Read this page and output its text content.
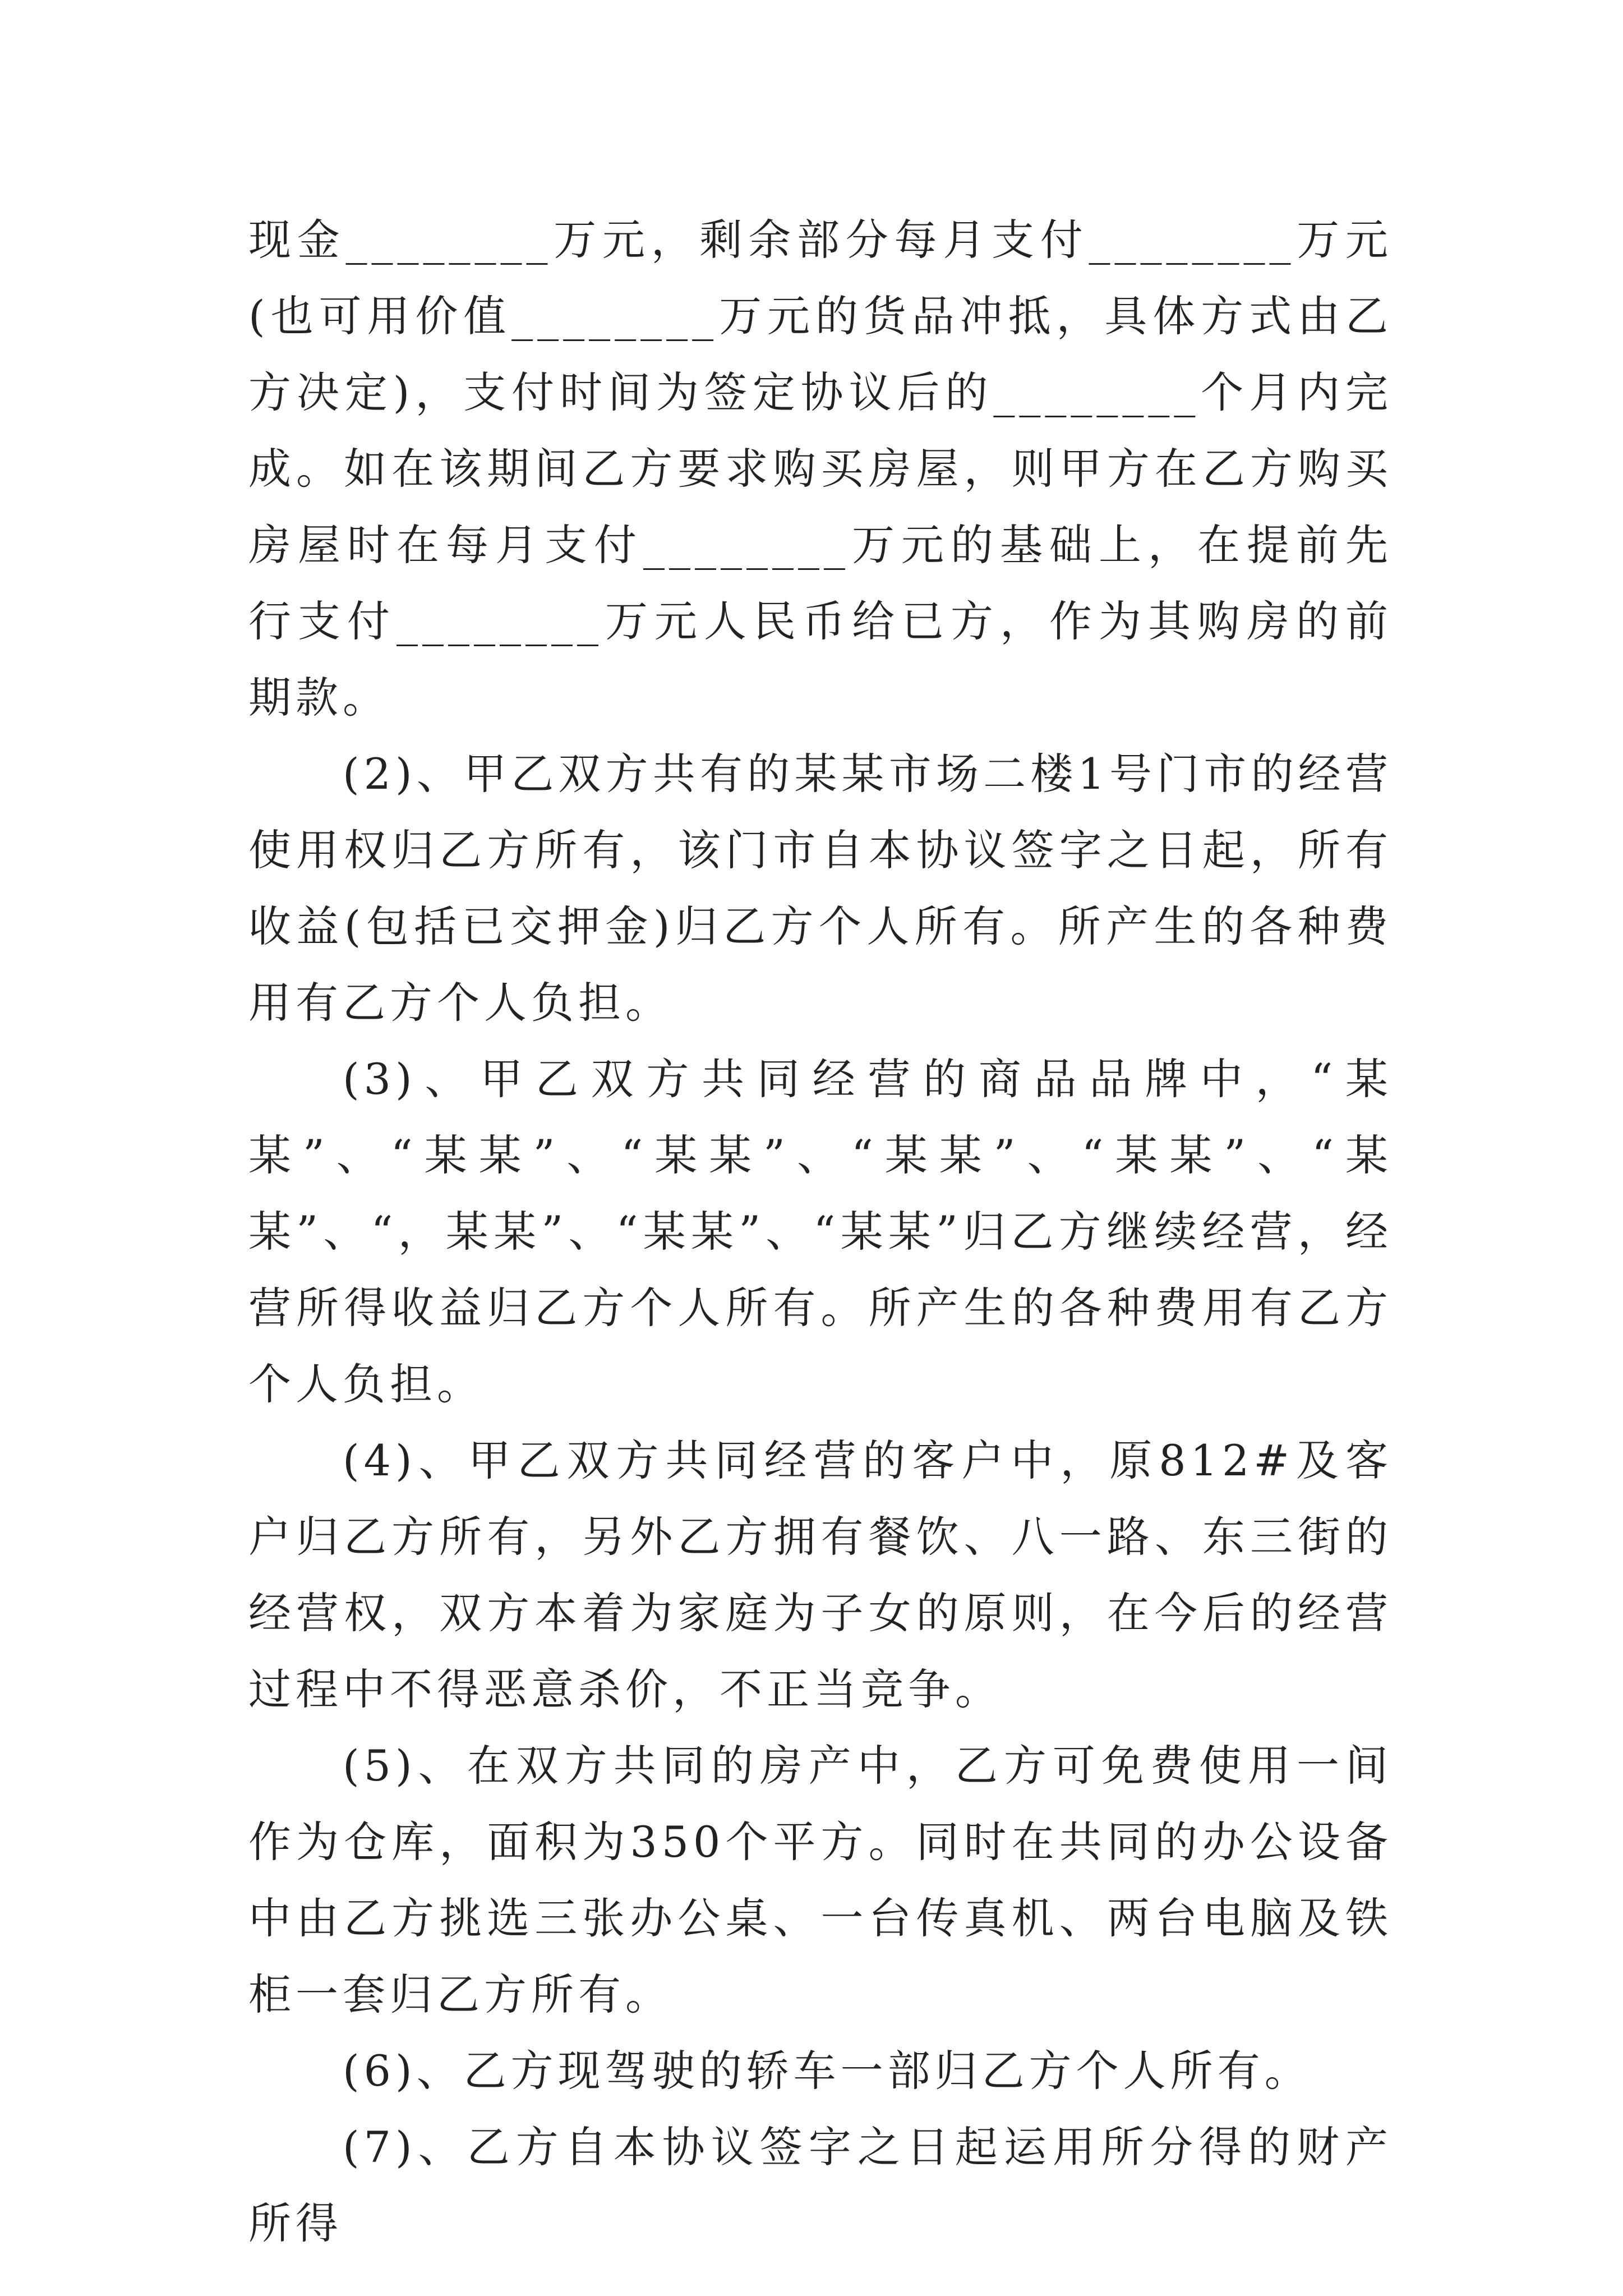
现金________万元，剩余部分每月支付________万元(也可用价值________万元的货品冲抵，具体方式由乙方决定)，支付时间为签定协议后的________个月内完成。如在该期间乙方要求购买房屋，则甲方在乙方购买房屋时在每月支付________万元的基础上，在提前先行支付________万元人民币给已方，作为其购房的前期款。

(2)、甲乙双方共有的某某市场二楼1号门市的经营使用权归乙方所有，该门市自本协议签字之日起，所有收益(包括已交押金)归乙方个人所有。所产生的各种费用有乙方个人负担。

(3)、甲乙双方共同经营的商品品牌中，“某某”、“某某”、“某某”、“某某”、“某某”、“某某”、“，某某”、“某某”、“某某”归乙方继续经营，经营所得收益归乙方个人所有。所产生的各种费用有乙方个人负担。

(4)、甲乙双方共同经营的客户中，原812#及客户归乙方所有，另外乙方拥有餐饮、八一路、东三街的经营权，双方本着为家庭为子女的原则，在今后的经营过程中不得恶意杀价，不正当竞争。

(5)、在双方共同的房产中，乙方可免费使用一间作为仓库，面积为350个平方。同时在共同的办公设备中由乙方挑选三张办公桌、一台传真机、两台电脑及铁柜一套归乙方所有。

(6)、乙方现驾驶的轿车一部归乙方个人所有。

(7)、乙方自本协议签字之日起运用所分得的财产所得
